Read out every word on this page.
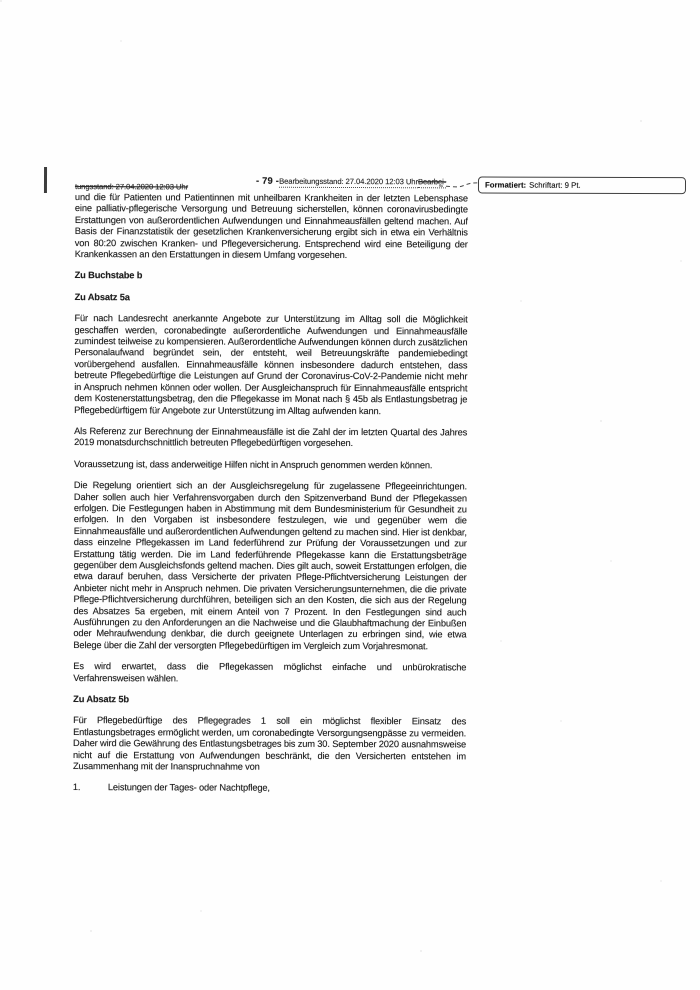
- 79 -Bearbeitungsstand: 27.04.2020 12:03 UhrBearbei-	Formatiert: Schriftart: 9 Pt.
tungsstand: 27.04.2020 12:03 Uhr

und die für Patienten und Patientinnen mit unheilbaren Krankheiten in der letzten Lebensphase eine palliativ-pflegerische Versorgung und Betreuung sicherstellen, können coronavirusbedingte Erstattungen von außerordentlichen Aufwendungen und Einnahmeausfällen geltend machen. Auf Basis der Finanzstatistik der gesetzlichen Krankenversicherung ergibt sich in etwa ein Verhältnis von 80:20 zwischen Kranken- und Pflegeversicherung. Entsprechend wird eine Beteiligung der Krankenkassen an den Erstattungen in diesem Umfang vorgesehen.

Zu Buchstabe b

Zu Absatz 5a

Für nach Landesrecht anerkannte Angebote zur Unterstützung im Alltag soll die Möglichkeit geschaffen werden, coronabedingte außerordentliche Aufwendungen und Einnahmeausfälle zumindest teilweise zu kompensieren. Außerordentliche Aufwendungen können durch zusätzlichen Personalaufwand begründet sein, der entsteht, weil Betreuungskräfte pandemiebedingt vorübergehend ausfallen. Einnahmeausfälle können insbesondere dadurch entstehen, dass betreute Pflegebedürftige die Leistungen auf Grund der Coronavirus-CoV-2-Pandemie nicht mehr in Anspruch nehmen können oder wollen. Der Ausgleichanspruch für Einnahmeausfälle entspricht dem Kostenerstattungsbetrag, den die Pflegekasse im Monat nach § 45b als Entlastungsbetrag je Pflegebedürftigem für Angebote zur Unterstützung im Alltag aufwenden kann.

Als Referenz zur Berechnung der Einnahmeausfälle ist die Zahl der im letzten Quartal des Jahres 2019 monatsdurchschnittlich betreuten Pflegebedürftigen vorgesehen.

Voraussetzung ist, dass anderweitige Hilfen nicht in Anspruch genommen werden können.

Die Regelung orientiert sich an der Ausgleichsregelung für zugelassene Pflegeeinrichtungen. Daher sollen auch hier Verfahrensvorgaben durch den Spitzenverband Bund der Pflegekassen erfolgen. Die Festlegungen haben in Abstimmung mit dem Bundesministerium für Gesundheit zu erfolgen. In den Vorgaben ist insbesondere festzulegen, wie und gegenüber wem die Einnahmeausfälle und außerordentlichen Aufwendungen geltend zu machen sind. Hier ist denkbar, dass einzelne Pflegekassen im Land federführend zur Prüfung der Voraussetzungen und zur Erstattung tätig werden. Die im Land federführende Pflegekasse kann die Erstattungsbeträge gegenüber dem Ausgleichsfonds geltend machen. Dies gilt auch, soweit Erstattungen erfolgen, die etwa darauf beruhen, dass Versicherte der privaten Pflege-Pflichtversicherung Leistungen der Anbieter nicht mehr in Anspruch nehmen. Die privaten Versicherungsunternehmen, die die private Pflege-Pflichtversicherung durchführen, beteiligen sich an den Kosten, die sich aus der Regelung des Absatzes 5a ergeben, mit einem Anteil von 7 Prozent. In den Festlegungen sind auch Ausführungen zu den Anforderungen an die Nachweise und die Glaubhaftmachung der Einbußen oder Mehraufwendung denkbar, die durch geeignete Unterlagen zu erbringen sind, wie etwa Belege über die Zahl der versorgten Pflegebedürftigen im Vergleich zum Vorjahresmonat.

Es wird erwartet, dass die Pflegekassen möglichst einfache und unbürokratische Verfahrensweisen wählen.

Zu Absatz 5b

Für Pflegebedürftige des Pflegegrades 1 soll ein möglichst flexibler Einsatz des Entlastungsbetrages ermöglicht werden, um coronabedingte Versorgungsengpässe zu vermeiden. Daher wird die Gewährung des Entlastungsbetrages bis zum 30. September 2020 ausnahmsweise nicht auf die Erstattung von Aufwendungen beschränkt, die den Versicherten entstehen im Zusammenhang mit der Inanspruchnahme von

1.	Leistungen der Tages- oder Nachtpflege,
